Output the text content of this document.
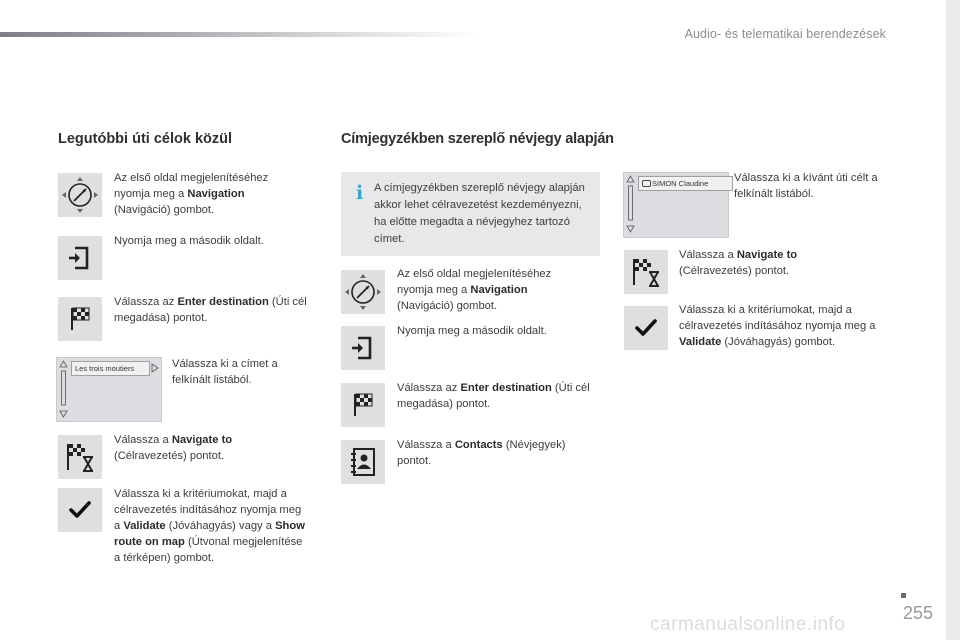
Audio- és telematikai berendezések
Legutóbbi úti célok közül
Az első oldal megjelenítéséhez nyomja meg a Navigation (Navigáció) gombot.
Nyomja meg a második oldalt.
Válassza az Enter destination (Úti cél megadása) pontot.
Les trois moutiers	Válassza ki a címet a felkínált listából.
Válassza a Navigate to (Célravezetés) pontot.
Válassza ki a kritériumokat, majd a célravezetés indításához nyomja meg a Validate (Jóváhagyás) vagy a Show route on map (Útvonal megjelenítése a térképen) gombot.
Címjegyzékben szereplő névjegy alapján
i A címjegyzékben szereplő névjegy alapján akkor lehet célravezetést kezdeményezni, ha előtte megadta a névjegyhez tartozó címet.
Az első oldal megjelenítéséhez nyomja meg a Navigation (Navigáció) gombot.
Nyomja meg a második oldalt.
Válassza az Enter destination (Úti cél megadása) pontot.
Válassza a Contacts (Névjegyek) pontot.
SIMON Claudine	Válassza ki a kívánt úti célt a felkínált listából.
Válassza a Navigate to (Célravezetés) pontot.
Válassza ki a kritériumokat, majd a célravezetés indításához nyomja meg a Validate (Jóváhagyás) gombot.
255
carmanualsonline.info
